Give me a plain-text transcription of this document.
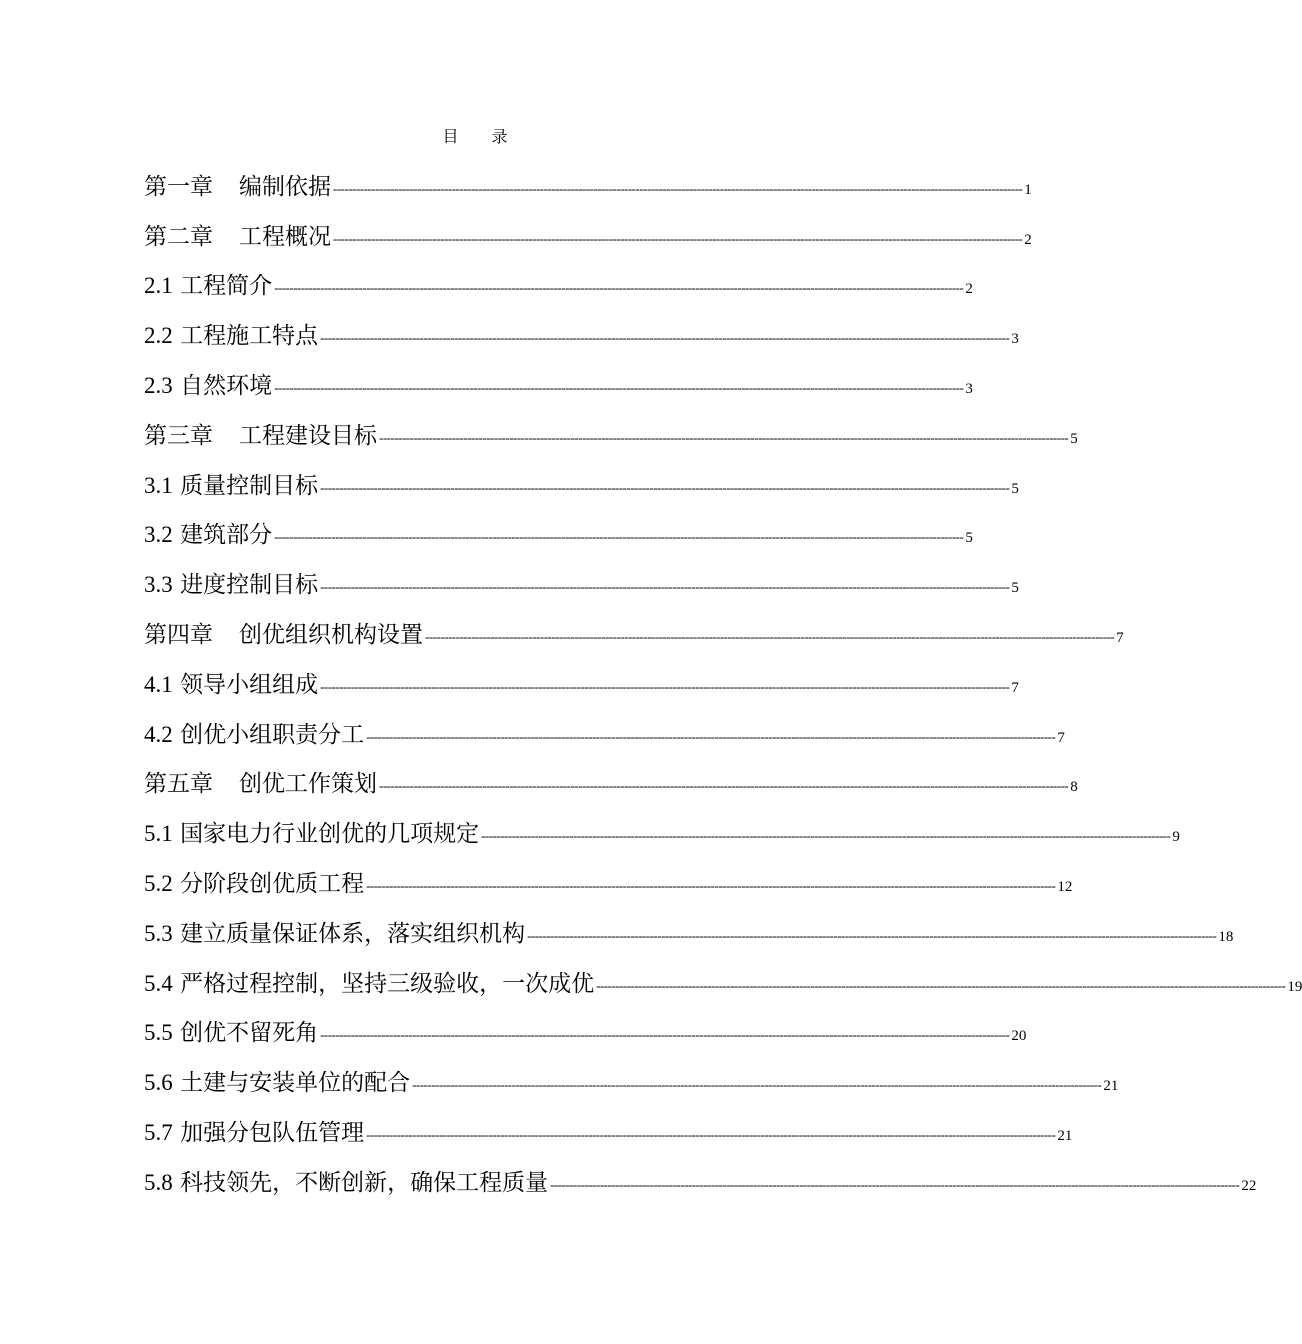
目 录
第一章 编制依据 ------------------------------------------------------------------------------------------------------------------------------------------------------------------------------------ 1
第二章 工程概况 ------------------------------------------------------------------------------------------------------------------------------------------------------------------------------------ 2
2.1 工程简介 ------------------------------------------------------------------------------------------------------------------------------------------------------------------------------------ 2
2.2 工程施工特点 ------------------------------------------------------------------------------------------------------------------------------------------------------------------------------------ 3
2.3 自然环境 ------------------------------------------------------------------------------------------------------------------------------------------------------------------------------------ 3
第三章 工程建设目标 ------------------------------------------------------------------------------------------------------------------------------------------------------------------------------------ 5
3.1 质量控制目标 ------------------------------------------------------------------------------------------------------------------------------------------------------------------------------------ 5
3.2 建筑部分 ------------------------------------------------------------------------------------------------------------------------------------------------------------------------------------ 5
3.3 进度控制目标 ------------------------------------------------------------------------------------------------------------------------------------------------------------------------------------ 5
第四章 创优组织机构设置 ------------------------------------------------------------------------------------------------------------------------------------------------------------------------------------ 7
4.1 领导小组组成 ------------------------------------------------------------------------------------------------------------------------------------------------------------------------------------ 7
4.2 创优小组职责分工 ------------------------------------------------------------------------------------------------------------------------------------------------------------------------------------ 7
第五章 创优工作策划 ------------------------------------------------------------------------------------------------------------------------------------------------------------------------------------ 8
5.1 国家电力行业创优的几项规定 ------------------------------------------------------------------------------------------------------------------------------------------------------------------------------------ 9
5.2 分阶段创优质工程 ------------------------------------------------------------------------------------------------------------------------------------------------------------------------------------ 12
5.3 建立质量保证体系，落实组织机构 ------------------------------------------------------------------------------------------------------------------------------------------------------------------------------------ 18
5.4 严格过程控制，坚持三级验收，一次成优 ------------------------------------------------------------------------------------------------------------------------------------------------------------------------------------ 19
5.5 创优不留死角 ------------------------------------------------------------------------------------------------------------------------------------------------------------------------------------ 20
5.6 土建与安装单位的配合 ------------------------------------------------------------------------------------------------------------------------------------------------------------------------------------ 21
5.7 加强分包队伍管理 ------------------------------------------------------------------------------------------------------------------------------------------------------------------------------------ 21
5.8 科技领先，不断创新，确保工程质量 ------------------------------------------------------------------------------------------------------------------------------------------------------------------------------------ 22
